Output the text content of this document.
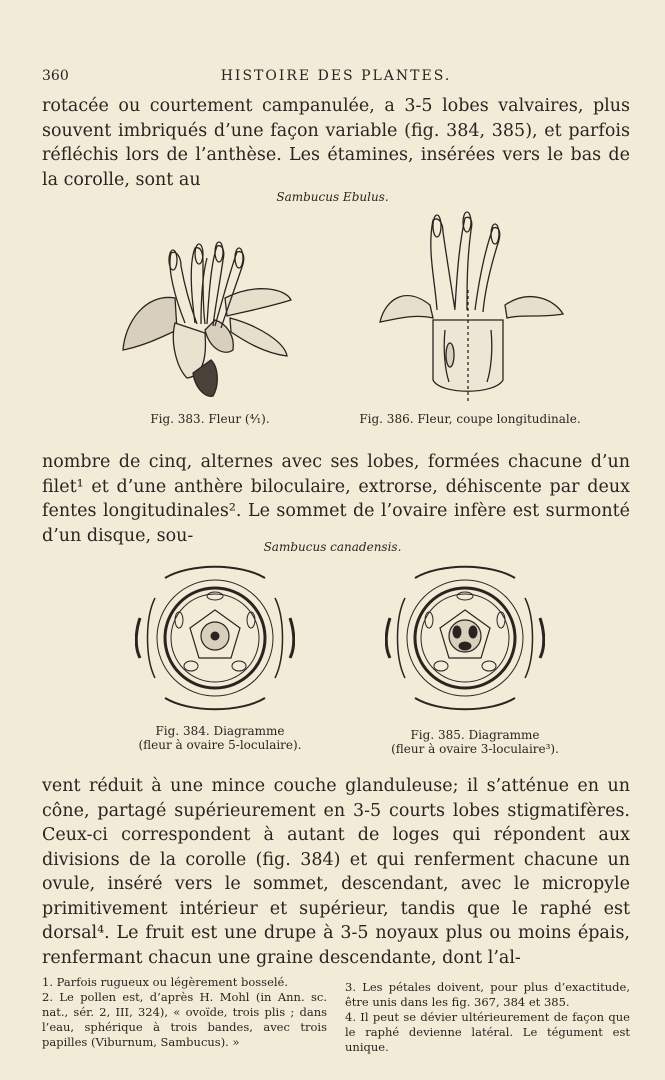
360	HISTOIRE DES PLANTES.

rotacée ou courtement campanulée, a 3-5 lobes valvaires, plus souvent imbriqués d’une façon variable (fig. 384, 385), et parfois réfléchis lors de l’anthèse. Les étamines, insérées vers le bas de la corolle, sont au

Sambucus Ebulus.
Fig. 383. Fleur (⁴⁄₁).	Fig. 386. Fleur, coupe longitudinale.

nombre de cinq, alternes avec ses lobes, formées chacune d’un filet¹ et d’une anthère biloculaire, extrorse, déhiscente par deux fentes longitudinales². Le sommet de l’ovaire infère est surmonté d’un disque, sou-

Sambucus canadensis.
Fig. 384. Diagramme
(fleur à ovaire 5-loculaire).
Fig. 385. Diagramme
(fleur à ovaire 3-loculaire³).

vent réduit à une mince couche glanduleuse; il s’atténue en un cône, partagé supérieurement en 3-5 courts lobes stigmatifères. Ceux-ci correspondent à autant de loges qui répondent aux divisions de la corolle (fig. 384) et qui renferment chacune un ovule, inséré vers le sommet, descendant, avec le micropyle primitivement intérieur et supérieur, tandis que le raphé est dorsal⁴. Le fruit est une drupe à 3-5 noyaux plus ou moins épais, renfermant chacun une graine descendante, dont l’al-

1. Parfois rugueux ou légèrement bosselé.

2. Le pollen est, d’après H. Mohl (in Ann. sc. nat., sér. 2, III, 324), « ovoïde, trois plis ; dans l’eau, sphérique à trois bandes, avec trois papilles (Viburnum, Sambucus). »

3. Les pétales doivent, pour plus d’exactitude, être unis dans les fig. 367, 384 et 385.

4. Il peut se dévier ultérieurement de façon que le raphé devienne latéral. Le tégument est unique.
